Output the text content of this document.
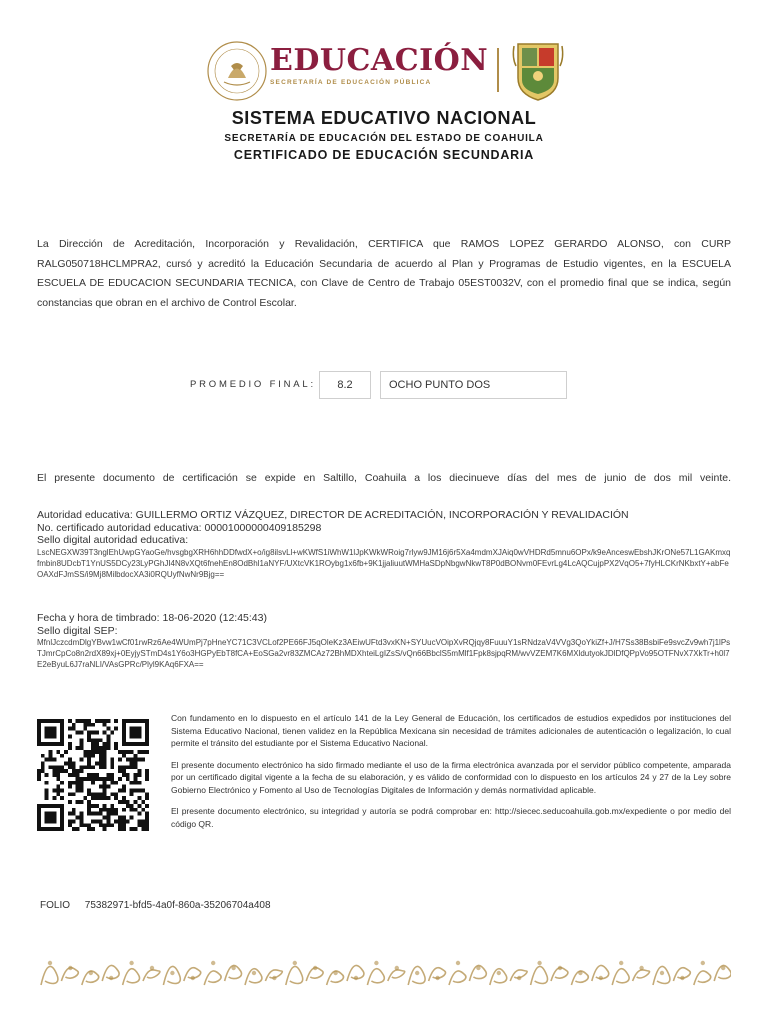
EDUCACIÓN
SECRETARÍA DE EDUCACIÓN PÚBLICA
SISTEMA EDUCATIVO NACIONAL
SECRETARÍA DE EDUCACIÓN DEL ESTADO DE COAHUILA
CERTIFICADO DE EDUCACIÓN SECUNDARIA
La Dirección de Acreditación, Incorporación y Revalidación, CERTIFICA que RAMOS LOPEZ GERARDO ALONSO, con CURP RALG050718HCLMPRA2, cursó y acreditó la Educación Secundaria de acuerdo al Plan y Programas de Estudio vigentes, en la ESCUELA ESCUELA DE EDUCACION SECUNDARIA TECNICA, con Clave de Centro de Trabajo 05EST0032V, con el promedio final que se indica, según constancias que obran en el archivo de Control Escolar.
PROMEDIO FINAL:	8.2	OCHO PUNTO DOS
El presente documento de certificación se expide en Saltillo, Coahuila a los diecinueve días del mes de junio de dos mil veinte.
Autoridad educativa: GUILLERMO ORTIZ VÁZQUEZ, DIRECTOR DE ACREDITACIÓN, INCORPORACIÓN Y REVALIDACIÓN
No. certificado autoridad educativa: 00001000000409185298
Sello digital autoridad educativa:
LscNEGXW39T3nglEhUwpGYaoGe/hvsgbgXRH6hhDDfwdX+o/ig8ilsvLl+wKWfS1iWhW1lJpKWkWRoig7rlyw9JM16j6r5Xa4mdmXJAiq0wVHDRd5mnu6OPx/k9eAnceswEbshJKrONe57L1GAKmxqfmbin8UDcbT1YnUS5DCy23LyPGhJI4N8vXQt6fnehEn8OdBhl1aNYF/UXtcVK1ROybg1x6fb+9K1jjaliuutWMHaSDpNbgwNkwT8P0dBONvm0FEvrLg4LcAQCujpPX2VqO5+7fyHLCKrNKbxtY+abFeOAXdFJmSS/i9Mj8MilbdocXA3i0RQUyfNwNr9Bjg==
Fecha y hora de timbrado: 18-06-2020 (12:45:43)
Sello digital SEP:
MfnlJczcdmDlgYBvw1wCf01rwRz6Ae4WUmPj7pHneYC71C3VCLof2PE66FJ5qOleKz3AEiwUFtd3vxKN+SYUucVOipXvRQjqy8FuuuY1sRNdzaV4VVg3QoYkiZf+J/H7Ss38BsbiFe9svcZv9wh7j1lPsTJmrCpCo8n2rdX89xj+0EyjySTmD4s1Y6o3HGPyEbT8fCA+EoSGa2vr83ZMCAz72BhMDXhteiLgIZsS/vQn66BbclS5mMlf1Fpk8sjpqRM/wvVZEM7K6MXldutyokJDlDfQPpVo95OTFNvX7XkTr+h0l7E2eByuL6J7raNLI/VAsGPRc/Plyl9KAq6FXA==

Con fundamento en lo dispuesto en el artículo 141 de la Ley General de Educación, los certificados de estudios expedidos por instituciones del Sistema Educativo Nacional, tienen validez en la República Mexicana sin necesidad de trámites adicionales de autenticación o legalización, lo cual permite el tránsito del estudiante por el Sistema Educativo Nacional.

El presente documento electrónico ha sido firmado mediante el uso de la firma electrónica avanzada por el servidor público competente, amparada por un certificado digital vigente a la fecha de su elaboración, y es válido de conformidad con lo dispuesto en los artículos 24 y 27 de la Ley sobre Gobierno Electrónico y Fomento al Uso de Tecnologías Digitales de Información y demás normatividad aplicable.

El presente documento electrónico, su integridad y autoría se podrá comprobar en: http://siecec.seducoahuila.gob.mx/expediente o por medio del código QR.

FOLIO 75382971-bfd5-4a0f-860a-35206704a408
